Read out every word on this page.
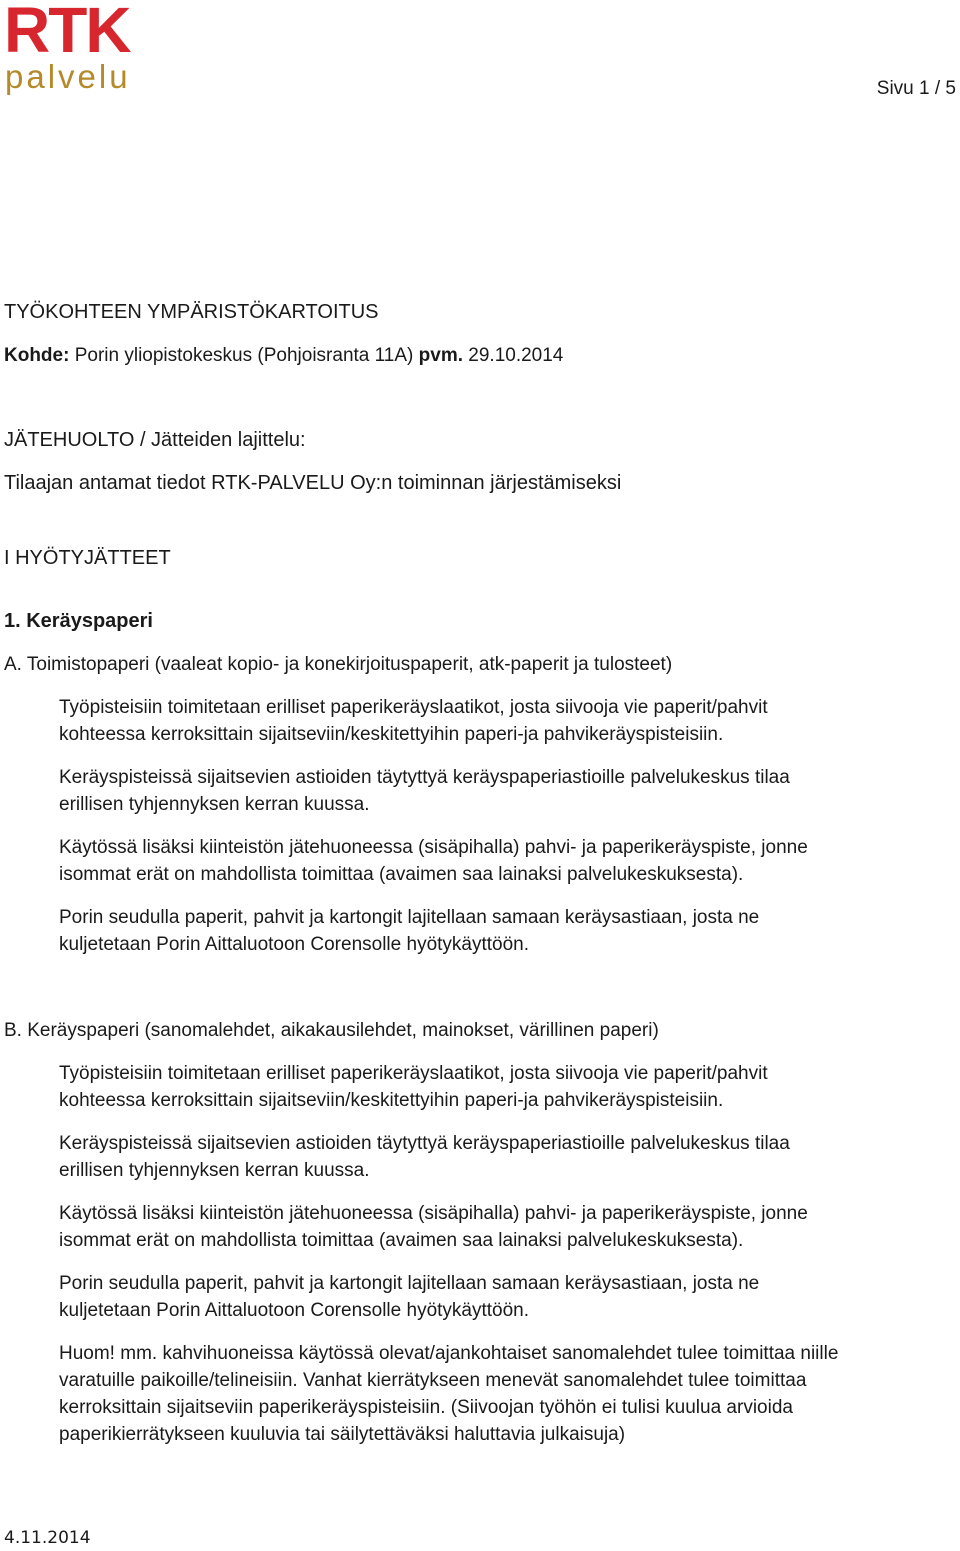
RTK
palvelu	Sivu 1 / 5
TYÖKOHTEEN YMPÄRISTÖKARTOITUS
Kohde: Porin yliopistokeskus (Pohjoisranta 11A) pvm. 29.10.2014
JÄTEHUOLTO / Jätteiden lajittelu:
Tilaajan antamat tiedot RTK-PALVELU Oy:n toiminnan järjestämiseksi
I HYÖTYJÄTTEET
1. Keräyspaperi
A. Toimistopaperi (vaaleat kopio- ja konekirjoituspaperit, atk-paperit ja tulosteet)
Työpisteisiin toimitetaan erilliset paperikeräyslaatikot, josta siivooja vie paperit/pahvit
kohteessa kerroksittain sijaitseviin/keskitettyihin paperi-ja pahvikeräyspisteisiin.
Keräyspisteissä sijaitsevien astioiden täytyttyä keräyspaperiastioille palvelukeskus tilaa
erillisen tyhjennyksen kerran kuussa.
Käytössä lisäksi kiinteistön jätehuoneessa (sisäpihalla) pahvi- ja paperikeräyspiste, jonne
isommat erät on mahdollista toimittaa (avaimen saa lainaksi palvelukeskuksesta).
Porin seudulla paperit, pahvit ja kartongit lajitellaan samaan keräysastiaan, josta ne
kuljetetaan Porin Aittaluotoon Corensolle hyötykäyttöön.
B. Keräyspaperi (sanomalehdet, aikakausilehdet, mainokset, värillinen paperi)
Työpisteisiin toimitetaan erilliset paperikeräyslaatikot, josta siivooja vie paperit/pahvit
kohteessa kerroksittain sijaitseviin/keskitettyihin paperi-ja pahvikeräyspisteisiin.
Keräyspisteissä sijaitsevien astioiden täytyttyä keräyspaperiastioille palvelukeskus tilaa
erillisen tyhjennyksen kerran kuussa.
Käytössä lisäksi kiinteistön jätehuoneessa (sisäpihalla) pahvi- ja paperikeräyspiste, jonne
isommat erät on mahdollista toimittaa (avaimen saa lainaksi palvelukeskuksesta).
Porin seudulla paperit, pahvit ja kartongit lajitellaan samaan keräysastiaan, josta ne
kuljetetaan Porin Aittaluotoon Corensolle hyötykäyttöön.
Huom! mm. kahvihuoneissa käytössä olevat/ajankohtaiset sanomalehdet tulee toimittaa niille
varatuille paikoille/telineisiin. Vanhat kierrätykseen menevät sanomalehdet tulee toimittaa
kerroksittain sijaitseviin paperikeräyspisteisiin. (Siivoojan työhön ei tulisi kuulua arvioida
paperikierrätykseen kuuluvia tai säilytettäväksi haluttavia julkaisuja)
4.11.2014
